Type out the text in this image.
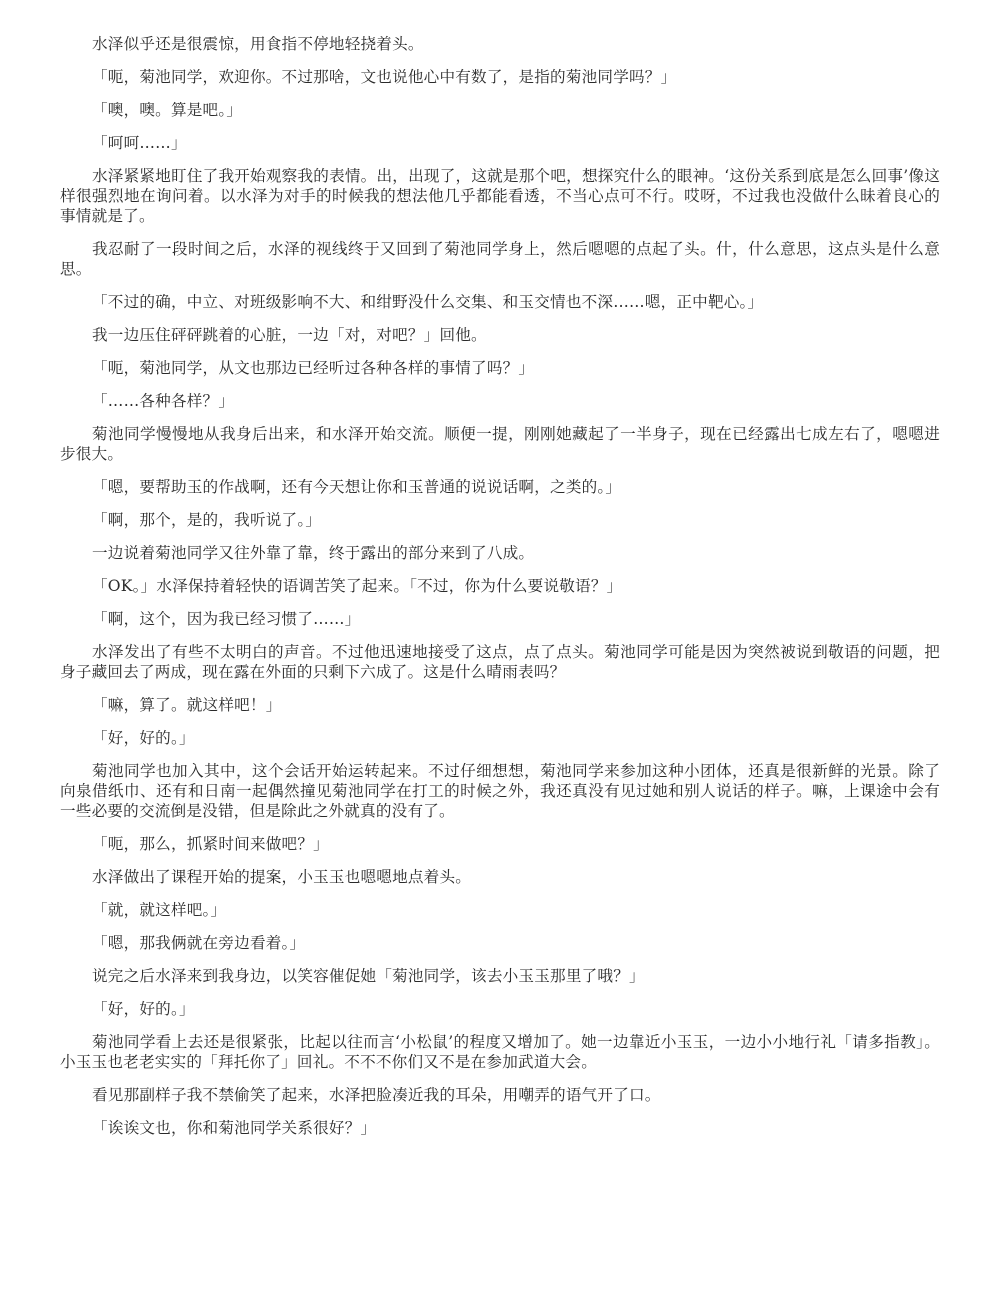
水泽似乎还是很震惊，用食指不停地轻挠着头。

「呃，菊池同学，欢迎你。不过那啥，文也说他心中有数了，是指的菊池同学吗？」

「噢，噢。算是吧。」

「呵呵……」

水泽紧紧地盯住了我开始观察我的表情。出，出现了，这就是那个吧，想探究什么的眼神。‘这份关系到底是怎么回事’像这样很强烈地在询问着。以水泽为对手的时候我的想法他几乎都能看透，不当心点可不行。哎呀，不过我也没做什么昧着良心的事情就是了。

我忍耐了一段时间之后，水泽的视线终于又回到了菊池同学身上，然后嗯嗯的点起了头。什，什么意思，这点头是什么意思。

「不过的确，中立、对班级影响不大、和绀野没什么交集、和玉交情也不深……嗯，正中靶心。」

我一边压住砰砰跳着的心脏，一边「对，对吧？」回他。

「呃，菊池同学，从文也那边已经听过各种各样的事情了吗？」

「……各种各样？」

菊池同学慢慢地从我身后出来，和水泽开始交流。顺便一提，刚刚她藏起了一半身子，现在已经露出七成左右了，嗯嗯进步很大。

「嗯，要帮助玉的作战啊，还有今天想让你和玉普通的说说话啊，之类的。」

「啊，那个，是的，我听说了。」

一边说着菊池同学又往外靠了靠，终于露出的部分来到了八成。

「OK。」水泽保持着轻快的语调苦笑了起来。「不过，你为什么要说敬语？」

「啊，这个，因为我已经习惯了……」

水泽发出了有些不太明白的声音。不过他迅速地接受了这点，点了点头。菊池同学可能是因为突然被说到敬语的问题，把身子藏回去了两成，现在露在外面的只剩下六成了。这是什么晴雨表吗？

「嘛，算了。就这样吧！」

「好，好的。」

菊池同学也加入其中，这个会话开始运转起来。不过仔细想想，菊池同学来参加这种小团体，还真是很新鲜的光景。除了向泉借纸巾、还有和日南一起偶然撞见菊池同学在打工的时候之外，我还真没有见过她和别人说话的样子。嘛，上课途中会有一些必要的交流倒是没错，但是除此之外就真的没有了。

「呃，那么，抓紧时间来做吧？」

水泽做出了课程开始的提案，小玉玉也嗯嗯地点着头。

「就，就这样吧。」

「嗯，那我俩就在旁边看着。」

说完之后水泽来到我身边，以笑容催促她「菊池同学，该去小玉玉那里了哦？」

「好，好的。」

菊池同学看上去还是很紧张，比起以往而言‘小松鼠’的程度又增加了。她一边靠近小玉玉，一边小小地行礼「请多指教」。小玉玉也老老实实的「拜托你了」回礼。不不不你们又不是在参加武道大会。

看见那副样子我不禁偷笑了起来，水泽把脸凑近我的耳朵，用嘲弄的语气开了口。

「诶诶文也，你和菊池同学关系很好？」
